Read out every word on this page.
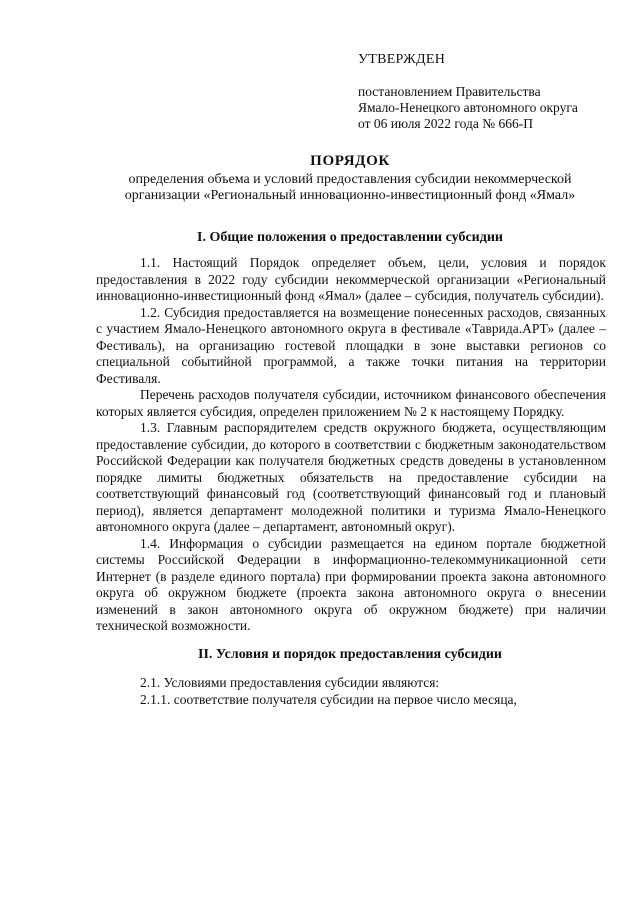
УТВЕРЖДЕН
постановлением Правительства
Ямало-Ненецкого автономного округа
от 06 июля 2022 года № 666-П
ПОРЯДОК
определения объема и условий предоставления субсидии некоммерческой организации «Региональный инновационно-инвестиционный фонд «Ямал»
I. Общие положения о предоставлении субсидии

1.1. Настоящий Порядок определяет объем, цели, условия и порядок предоставления в 2022 году субсидии некоммерческой организации «Региональный инновационно-инвестиционный фонд «Ямал» (далее – субсидия, получатель субсидии).

1.2. Субсидия предоставляется на возмещение понесенных расходов, связанных с участием Ямало-Ненецкого автономного округа в фестивале «Таврида.АРТ» (далее – Фестиваль), на организацию гостевой площадки в зоне выставки регионов со специальной событийной программой, а также точки питания на территории Фестиваля.

Перечень расходов получателя субсидии, источником финансового обеспечения которых является субсидия, определен приложением № 2 к настоящему Порядку.

1.3. Главным распорядителем средств окружного бюджета, осуществляющим предоставление субсидии, до которого в соответствии с бюджетным законодательством Российской Федерации как получателя бюджетных средств доведены в установленном порядке лимиты бюджетных обязательств на предоставление субсидии на соответствующий финансовый год (соответствующий финансовый год и плановый период), является департамент молодежной политики и туризма Ямало-Ненецкого автономного округа (далее – департамент, автономный округ).

1.4. Информация о субсидии размещается на едином портале бюджетной системы Российской Федерации в информационно-телекоммуникационной сети Интернет (в разделе единого портала) при формировании проекта закона автономного округа об окружном бюджете (проекта закона автономного округа о внесении изменений в закон автономного округа об окружном бюджете) при наличии технической возможности.

II. Условия и порядок предоставления субсидии

2.1. Условиями предоставления субсидии являются:

2.1.1. соответствие получателя субсидии на первое число месяца,
